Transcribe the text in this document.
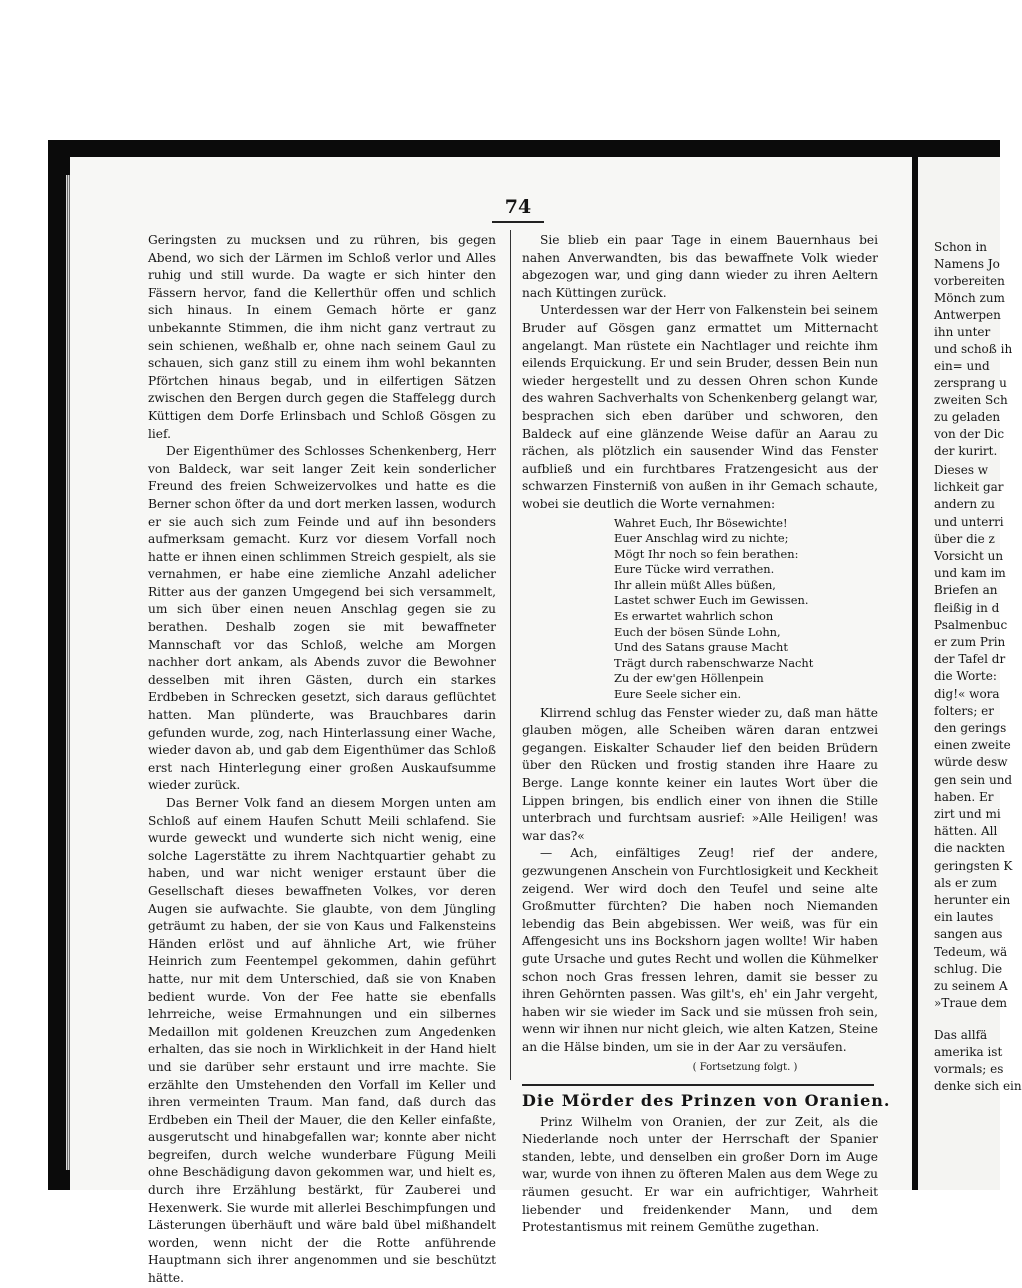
Schon in
Namens Jo
vorbereiten
Mönch zum
Antwerpen
ihn unter
und schoß ih
ein= und
zersprang u
zweiten Sch
zu geladen
von der Dic
der kurirt.
Dieses w
lichkeit gar
andern zu
und unterri
über die z
Vorsicht un
und kam im
Briefen an
fleißig in d
Psalmenbuc
er zum Prin
der Tafel dr
die Worte:
dig!« wora
folters; er
den gerings
einen zweite
würde desw
gen sein und
haben. Er
zirt und mi
hätten. All
die nackten
geringsten K
als er zum
herunter ein
ein lautes
sangen aus
Tedeum, wä
schlug. Die
zu seinem A
»Traue dem
Das allfä
amerika ist
vormals; es
denke sich ein
74

Geringsten zu mucksen und zu rühren, bis gegen Abend, wo sich der Lärmen im Schloß verlor und Alles ruhig und still wurde. Da wagte er sich hinter den Fässern hervor, fand die Kellerthür offen und schlich sich hinaus. In einem Gemach hörte er ganz unbekannte Stimmen, die ihm nicht ganz vertraut zu sein schienen, weßhalb er, ohne nach seinem Gaul zu schauen, sich ganz still zu einem ihm wohl bekannten Pförtchen hinaus begab, und in eilfertigen Sätzen zwischen den Bergen durch gegen die Staffelegg durch Küttigen dem Dorfe Erlinsbach und Schloß Gösgen zu lief.

Der Eigenthümer des Schlosses Schenkenberg, Herr von Baldeck, war seit langer Zeit kein sonderlicher Freund des freien Schweizervolkes und hatte es die Berner schon öfter da und dort merken lassen, wodurch er sie auch sich zum Feinde und auf ihn besonders aufmerksam gemacht. Kurz vor diesem Vorfall noch hatte er ihnen einen schlimmen Streich gespielt, als sie vernahmen, er habe eine ziemliche Anzahl adelicher Ritter aus der ganzen Umgegend bei sich versammelt, um sich über einen neuen Anschlag gegen sie zu berathen. Deshalb zogen sie mit bewaffneter Mannschaft vor das Schloß, welche am Morgen nachher dort ankam, als Abends zuvor die Bewohner desselben mit ihren Gästen, durch ein starkes Erdbeben in Schrecken gesetzt, sich daraus geflüchtet hatten. Man plünderte, was Brauchbares darin gefunden wurde, zog, nach Hinterlassung einer Wache, wieder davon ab, und gab dem Eigenthümer das Schloß erst nach Hinterlegung einer großen Auskaufsumme wieder zurück.

Das Berner Volk fand an diesem Morgen unten am Schloß auf einem Haufen Schutt Meili schlafend. Sie wurde geweckt und wunderte sich nicht wenig, eine solche Lagerstätte zu ihrem Nachtquartier gehabt zu haben, und war nicht weniger erstaunt über die Gesellschaft dieses bewaffneten Volkes, vor deren Augen sie aufwachte. Sie glaubte, von dem Jüngling geträumt zu haben, der sie von Kaus und Falkensteins Händen erlöst und auf ähnliche Art, wie früher Heinrich zum Feentempel gekommen, dahin geführt hatte, nur mit dem Unterschied, daß sie von Knaben bedient wurde. Von der Fee hatte sie ebenfalls lehrreiche, weise Ermahnungen und ein silbernes Medaillon mit goldenen Kreuzchen zum Angedenken erhalten, das sie noch in Wirklichkeit in der Hand hielt und sie darüber sehr erstaunt und irre machte. Sie erzählte den Umstehenden den Vorfall im Keller und ihren vermeinten Traum. Man fand, daß durch das Erdbeben ein Theil der Mauer, die den Keller einfaßte, ausgerutscht und hinabgefallen war; konnte aber nicht begreifen, durch welche wunderbare Fügung Meili ohne Beschädigung davon gekommen war, und hielt es, durch ihre Erzählung bestärkt, für Zauberei und Hexenwerk. Sie wurde mit allerlei Beschimpfungen und Lästerungen überhäuft und wäre bald übel mißhandelt worden, wenn nicht der die Rotte anführende Hauptmann sich ihrer angenommen und sie beschützt hätte.

Sie blieb ein paar Tage in einem Bauernhaus bei nahen Anverwandten, bis das bewaffnete Volk wieder abgezogen war, und ging dann wieder zu ihren Aeltern nach Küttingen zurück.

Unterdessen war der Herr von Falkenstein bei seinem Bruder auf Gösgen ganz ermattet um Mitternacht angelangt. Man rüstete ein Nachtlager und reichte ihm eilends Erquickung. Er und sein Bruder, dessen Bein nun wieder hergestellt und zu dessen Ohren schon Kunde des wahren Sachverhalts von Schenkenberg gelangt war, besprachen sich eben darüber und schworen, den Baldeck auf eine glänzende Weise dafür an Aarau zu rächen, als plötzlich ein sausender Wind das Fenster aufbließ und ein furchtbares Fratzengesicht aus der schwarzen Finsterniß von außen in ihr Gemach schaute, wobei sie deutlich die Worte vernahmen:

Wahret Euch, Ihr Bösewichte!
Euer Anschlag wird zu nichte;
Mögt Ihr noch so fein berathen:
Eure Tücke wird verrathen.
Ihr allein müßt Alles büßen,
Lastet schwer Euch im Gewissen.
Es erwartet wahrlich schon
Euch der bösen Sünde Lohn,
Und des Satans grause Macht
Trägt durch rabenschwarze Nacht
Zu der ew'gen Höllenpein
Eure Seele sicher ein.

Klirrend schlug das Fenster wieder zu, daß man hätte glauben mögen, alle Scheiben wären daran entzwei gegangen. Eiskalter Schauder lief den beiden Brüdern über den Rücken und frostig standen ihre Haare zu Berge. Lange konnte keiner ein lautes Wort über die Lippen bringen, bis endlich einer von ihnen die Stille unterbrach und furchtsam ausrief: »Alle Heiligen! was war das?«

— Ach, einfältiges Zeug! rief der andere, gezwungenen Anschein von Furchtlosigkeit und Keckheit zeigend. Wer wird doch den Teufel und seine alte Großmutter fürchten? Die haben noch Niemanden lebendig das Bein abgebissen. Wer weiß, was für ein Affengesicht uns ins Bockshorn jagen wollte! Wir haben gute Ursache und gutes Recht und wollen die Kühmelker schon noch Gras fressen lehren, damit sie besser zu ihren Gehörnten passen. Was gilt's, eh' ein Jahr vergeht, haben wir sie wieder im Sack und sie müssen froh sein, wenn wir ihnen nur nicht gleich, wie alten Katzen, Steine an die Hälse binden, um sie in der Aar zu versäufen.

( Fortsetzung folgt. )
Die Mörder des Prinzen von Oranien.

Prinz Wilhelm von Oranien, der zur Zeit, als die Niederlande noch unter der Herrschaft der Spanier standen, lebte, und denselben ein großer Dorn im Auge war, wurde von ihnen zu öfteren Malen aus dem Wege zu räumen gesucht. Er war ein aufrichtiger, Wahrheit liebender und freidenkender Mann, und dem Protestantismus mit reinem Gemüthe zugethan.
